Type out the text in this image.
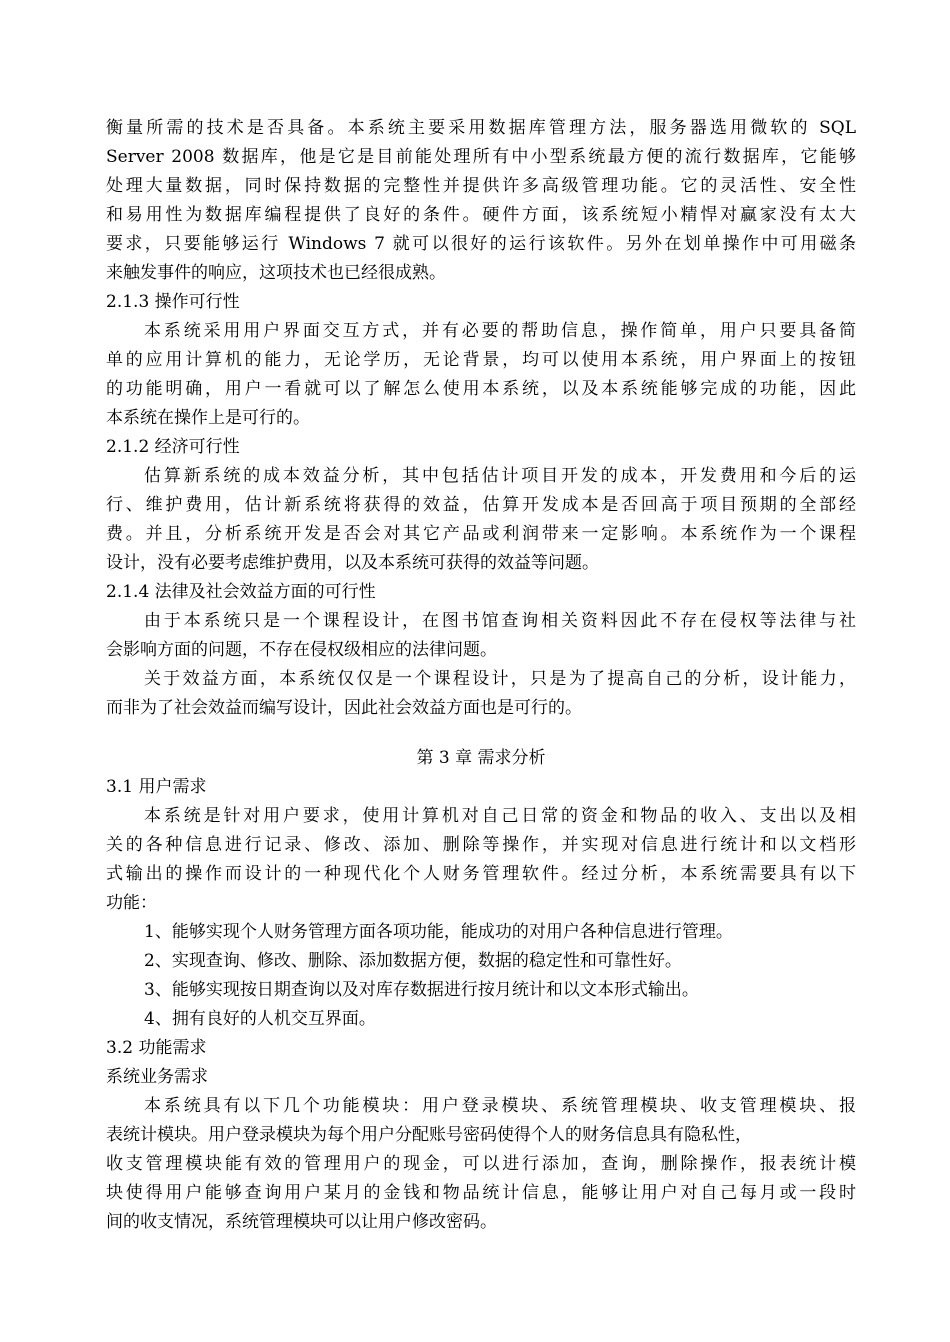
衡量所需的技术是否具备。本系统主要采用数据库管理方法，服务器选用微软的 SQL
Server 2008 数据库，他是它是目前能处理所有中小型系统最方便的流行数据库，它能够
处理大量数据，同时保持数据的完整性并提供许多高级管理功能。它的灵活性、安全性
和易用性为数据库编程提供了良好的条件。硬件方面，该系统短小精悍对赢家没有太大
要求，只要能够运行 Windows 7 就可以很好的运行该软件。另外在划单操作中可用磁条
来触发事件的响应，这项技术也已经很成熟。
2.1.3 操作可行性
本系统采用用户界面交互方式，并有必要的帮助信息，操作简单，用户只要具备简
单的应用计算机的能力，无论学历，无论背景，均可以使用本系统，用户界面上的按钮
的功能明确，用户一看就可以了解怎么使用本系统，以及本系统能够完成的功能，因此
本系统在操作上是可行的。
2.1.2 经济可行性
估算新系统的成本效益分析，其中包括估计项目开发的成本，开发费用和今后的运
行、维护费用，估计新系统将获得的效益，估算开发成本是否回高于项目预期的全部经
费。并且，分析系统开发是否会对其它产品或利润带来一定影响。本系统作为一个课程
设计，没有必要考虑维护费用，以及本系统可获得的效益等问题。
2.1.4 法律及社会效益方面的可行性
由于本系统只是一个课程设计，在图书馆查询相关资料因此不存在侵权等法律与社
会影响方面的问题，不存在侵权级相应的法律问题。
关于效益方面，本系统仅仅是一个课程设计，只是为了提高自己的分析，设计能力，
而非为了社会效益而编写设计，因此社会效益方面也是可行的。
第 3 章 需求分析
3.1 用户需求
本系统是针对用户要求，使用计算机对自己日常的资金和物品的收入、支出以及相
关的各种信息进行记录、修改、添加、删除等操作，并实现对信息进行统计和以文档形
式输出的操作而设计的一种现代化个人财务管理软件。经过分析，本系统需要具有以下
功能：
1、能够实现个人财务管理方面各项功能，能成功的对用户各种信息进行管理。
2、实现查询、修改、删除、添加数据方便，数据的稳定性和可靠性好。
3、能够实现按日期查询以及对库存数据进行按月统计和以文本形式输出。
4、拥有良好的人机交互界面。
3.2 功能需求
系统业务需求
本系统具有以下几个功能模块：用户登录模块、系统管理模块、收支管理模块、报
表统计模块。用户登录模块为每个用户分配账号密码使得个人的财务信息具有隐私性，
收支管理模块能有效的管理用户的现金，可以进行添加，查询，删除操作，报表统计模
块使得用户能够查询用户某月的金钱和物品统计信息，能够让用户对自己每月或一段时
间的收支情况，系统管理模块可以让用户修改密码。
